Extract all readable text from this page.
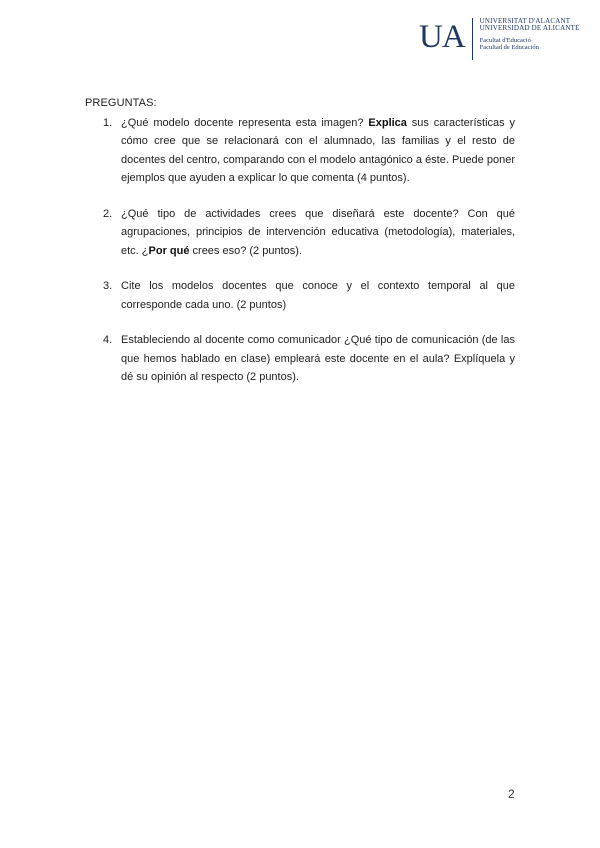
UA UNIVERSITAT D'ALACANT
UNIVERSIDAD DE ALICANTE
Facultat d'Educació
Facultad de Educación

PREGUNTAS:

1. ¿Qué modelo docente representa esta imagen? Explica sus características y cómo cree que se relacionará con el alumnado, las familias y el resto de docentes del centro, comparando con el modelo antagónico a éste. Puede poner ejemplos que ayuden a explicar lo que comenta (4 puntos).
2. ¿Qué tipo de actividades crees que diseñará este docente? Con qué agrupaciones, principios de intervención educativa (metodología), materiales, etc. ¿Por qué crees eso? (2 puntos).
3. Cite los modelos docentes que conoce y el contexto temporal al que corresponde cada uno. (2 puntos)
4. Estableciendo al docente como comunicador ¿Qué tipo de comunicación (de las que hemos hablado en clase) empleará este docente en el aula? Explíquela y dé su opinión al respecto (2 puntos).
2
